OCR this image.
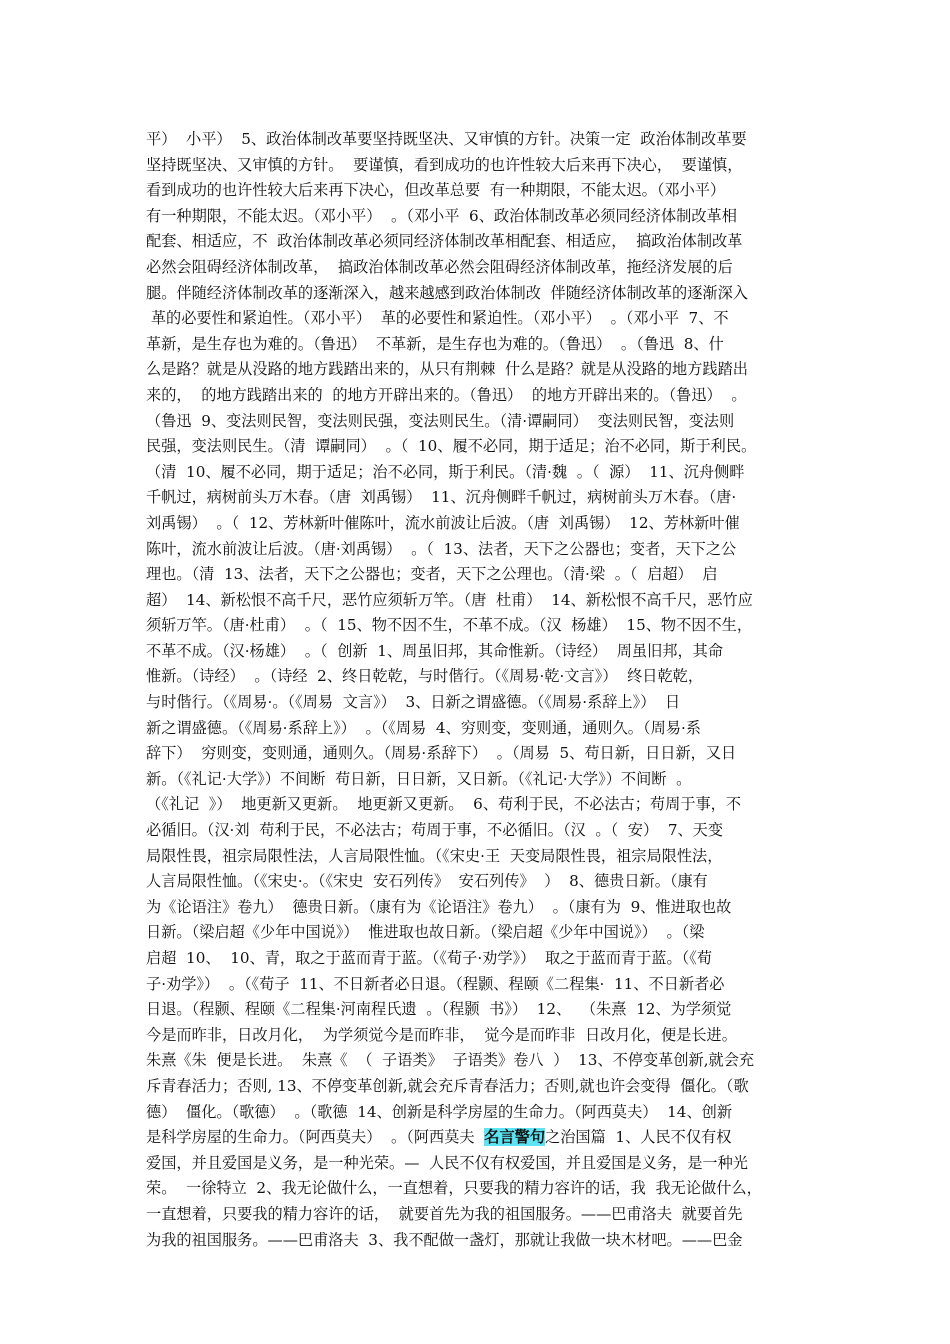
平）  小平）  5、政治体制改革要坚持既坚决、又审慎的方针。决策一定  政治体制改革要
坚持既坚决、又审慎的方针。  要谨慎，看到成功的也许性较大后来再下决心，  要谨慎，
看到成功的也许性较大后来再下决心，但改革总要  有一种期限，不能太迟。（邓小平）
有一种期限，不能太迟。（邓小平）  。（邓小平  6、政治体制改革必须同经济体制改革相
配套、相适应，不  政治体制改革必须同经济体制改革相配套、相适应，  搞政治体制改革
必然会阻碍经济体制改革，  搞政治体制改革必然会阻碍经济体制改革，拖经济发展的后
腿。伴随经济体制改革的逐渐深入，越来越感到政治体制改  伴随经济体制改革的逐渐深入
革的必要性和紧迫性。（邓小平）  革的必要性和紧迫性。（邓小平）  。（邓小平  7、不
革新，是生存也为难的。（鲁迅）  不革新，是生存也为难的。（鲁迅）  。（鲁迅  8、什
么是路？就是从没路的地方践踏出来的，从只有荆棘  什么是路？就是从没路的地方践踏出
来的，  的地方践踏出来的  的地方开辟出来的。（鲁迅）  的地方开辟出来的。（鲁迅）  。
（鲁迅  9、变法则民智，变法则民强，变法则民生。（清·谭嗣同）  变法则民智，变法则
民强，变法则民生。（清  谭嗣同）  。（  10、履不必同，期于适足；治不必同，斯于利民。
（清  10、履不必同，期于适足；治不必同，斯于利民。（清·魏  。（  源）  11、沉舟侧畔
千帆过，病树前头万木春。（唐  刘禹锡）  11、沉舟侧畔千帆过，病树前头万木春。（唐·
刘禹锡）  。（  12、芳林新叶催陈叶，流水前波让后波。（唐  刘禹锡）  12、芳林新叶催
陈叶，流水前波让后波。（唐·刘禹锡）  。（  13、法者，天下之公器也；变者，天下之公
理也。（清  13、法者，天下之公器也；变者，天下之公理也。（清·梁  。（  启超）  启
超）  14、新松恨不高千尺，恶竹应须斩万竿。（唐  杜甫）  14、新松恨不高千尺，恶竹应
须斩万竿。（唐·杜甫）  。（  15、物不因不生，不革不成。（汉  杨雄）  15、物不因不生，
不革不成。（汉·杨雄）  。（  创新  1、周虽旧邦，其命惟新。（诗经）  周虽旧邦，其命
惟新。（诗经）  。（诗经  2、终日乾乾，与时偕行。（《周易·乾·文言》）  终日乾乾，
与时偕行。（《周易·。（《周易  文言》）  3、日新之谓盛德。（《周易·系辞上》）  日
新之谓盛德。（《周易·系辞上》）  。（《周易  4、穷则变，变则通，通则久。（周易·系
辞下）  穷则变，变则通，通则久。（周易·系辞下）  。（周易  5、苟日新，日日新，又日
新。（《礼记·大学》）不间断  苟日新，日日新，又日新。（《礼记·大学》）不间断  。
（《礼记  》）  地更新又更新。  地更新又更新。  6、苟利于民，不必法古；苟周于事，不
必循旧。（汉·刘  苟利于民，不必法古；苟周于事，不必循旧。（汉  。（  安）  7、天变
局限性畏，祖宗局限性法，人言局限性恤。（《宋史·王  天变局限性畏，祖宗局限性法，
人言局限性恤。（《宋史·。（《宋史  安石列传》  安石列传》  ）  8、德贵日新。（康有
为《论语注》卷九）  德贵日新。（康有为《论语注》卷九）  。（康有为  9、惟进取也故
日新。（梁启超《少年中国说》）  惟进取也故日新。（梁启超《少年中国说》）  。（梁
启超  10、  10、青，取之于蓝而青于蓝。（《荀子·劝学》）  取之于蓝而青于蓝。（《荀
子·劝学》）  。（《荀子  11、不日新者必日退。（程颢、程颐《二程集·  11、不日新者必
日退。（程颢、程颐《二程集·河南程氏遗  。（程颢  书》）  12、  （朱熹  12、为学须觉
今是而昨非，日改月化，  为学须觉今是而昨非，  觉今是而昨非  日改月化，便是长进。
朱熹《朱  便是长进。  朱熹《  （  子语类》  子语类》卷八  ）  13、不停变革创新,就会充
斥青春活力；否则, 13、不停变革创新,就会充斥青春活力；否则,就也许会变得  僵化。（歌
德）  僵化。（歌德）  。（歌德  14、创新是科学房屋的生命力。（阿西莫夫）  14、创新
是科学房屋的生命力。（阿西莫夫）  。（阿西莫夫  名言警句之治国篇  1、人民不仅有权
爱国，并且爱国是义务，是一种光荣。—  人民不仅有权爱国，并且爱国是义务，是一种光
荣。  一徐特立  2、我无论做什么，一直想着，只要我的精力容许的话，我  我无论做什么，
一直想着，只要我的精力容许的话，  就要首先为我的祖国服务。——巴甫洛夫  就要首先
为我的祖国服务。——巴甫洛夫  3、我不配做一盏灯，那就让我做一块木材吧。——巴金
